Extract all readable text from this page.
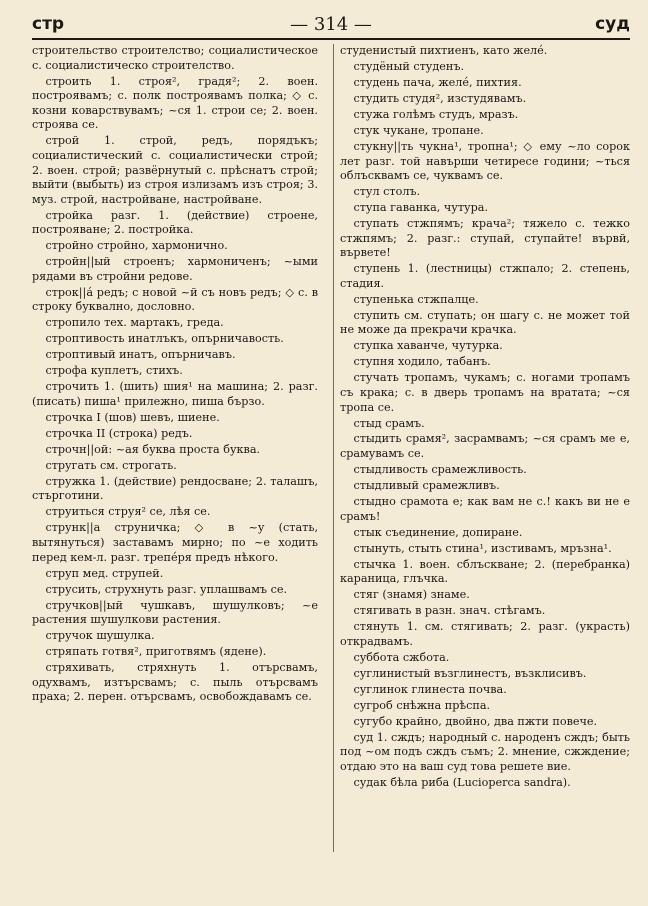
стр	— 314 —	суд

строительство строителство; социалистическое с. социалистическо строителство.

строить 1. строя², градя²; 2. воен. построявамъ; с. полк построявамъ полка; ◇ с. козни коварствувамъ; ~ся 1. строи се; 2. воен. строява се.

строй 1. строй, редъ, порядъкъ; социалистический с. социалистически строй; 2. воен. строй; развёрнутый с. прѣснатъ строй; выйти (выбыть) из строя излизамъ изъ строя; 3. муз. строй, настройване, настройване.

стройка разг. 1. (действие) строене, построяване; 2. постройка.

стройно стройно, хармонично.

стройн||ый строенъ; хармониченъ; ~ыми рядами въ стройни редове.

строк||á редъ; с новой ~й съ новъ редъ; ◇ с. в строку буквално, дословно.

стропило тех. мартакъ, греда.

строптивость инатлъкъ, опърничавость.

строптивый инатъ, опърничавъ.

строфа куплетъ, стихъ.

строчить 1. (шить) шия¹ на машина; 2. разг. (писать) пиша¹ прилежно, пиша бързо.

строчка I (шов) шевъ, шиене.

строчка II (строка) редъ.

строчн||ой: ~ая буква проста буква.

стругать см. строгать.

стружка 1. (действие) рендосване; 2. талашъ, стърготини.

струиться струя² се, лѣя се.

струнк||а струничка; ◇ в ~у (стать, вытянуться) заставамъ мирно; по ~е ходить перед кем-л. разг. трепéря предъ нѣкого.

струп мед. струпей.

струсить, струхнуть разг. уплашвамъ се.

стручков||ый чушкавъ, шушулковъ; ~е растения шушулкови растения.

стручок шушулка.

стряпать готвя², приготвямъ (ядене).

стряхивать, стряхнуть 1. отърсвамъ, одухвамъ, изтърсвамъ; с. пыль отърсвамъ праха; 2. перен. отърсвамъ, освобождавамъ се.

студенистый пихтиенъ, като желé.

студёный студенъ.

студень пача, желé, пихтия.

студить студя², изстудявамъ.

стужа голѣмъ студъ, мразъ.

стук чукане, тропане.

стукну||ть чукна¹, тропна¹; ◇ ему ~ло сорок лет разг. той навърши четиресе години; ~ться облъсквамъ се, чуквамъ се.

стул столъ.

ступа гаванка, чутура.

ступать стжпямъ; крача²; тяжело с. тежко стжпямъ; 2. разг.: ступай, ступайте! вървй, вървете!

ступень 1. (лестницы) стжпало; 2. степень, стадия.

ступенька стжпалце.

ступить см. ступать; он шагу с. не может той не може да прекрачи крачка.

ступка хаванче, чутурка.

ступня ходило, табанъ.

стучать тропамъ, чукамъ; с. ногами тропамъ съ крака; с. в дверь тропамъ на вратата; ~ся тропа се.

стыд срамъ.

стыдить срамя², засрамвамъ; ~ся срамъ ме е, срамувамъ се.

стыдливость срамежливость.

стыдливый срамежливъ.

стыдно срамота е; как вам не с.! какъ ви не е срамъ!

стык съединение, допиране.

стынуть, стыть стина¹, изстивамъ, мръзна¹.

стычка 1. воен. сблъскване; 2. (перебранка) караница, глъчка.

стяг (знамя) знаме.

стягивать в разн. знач. стѣгамъ.

стянуть 1. см. стягивать; 2. разг. (украсть) открадвамъ.

суббота сжбота.

суглинистый възглинестъ, възклисивъ.

суглинок глинеста почва.

сугроб снѣжна прѣспа.

сугубо крайно, двойно, два пжти повече.

суд 1. сждъ; народный с. народенъ сждъ; быть под ~ом подъ сждъ съмъ; 2. мнение, сжждение; отдаю это на ваш суд това решете вие.

судак бѣла риба (Lucioperca sandra).
